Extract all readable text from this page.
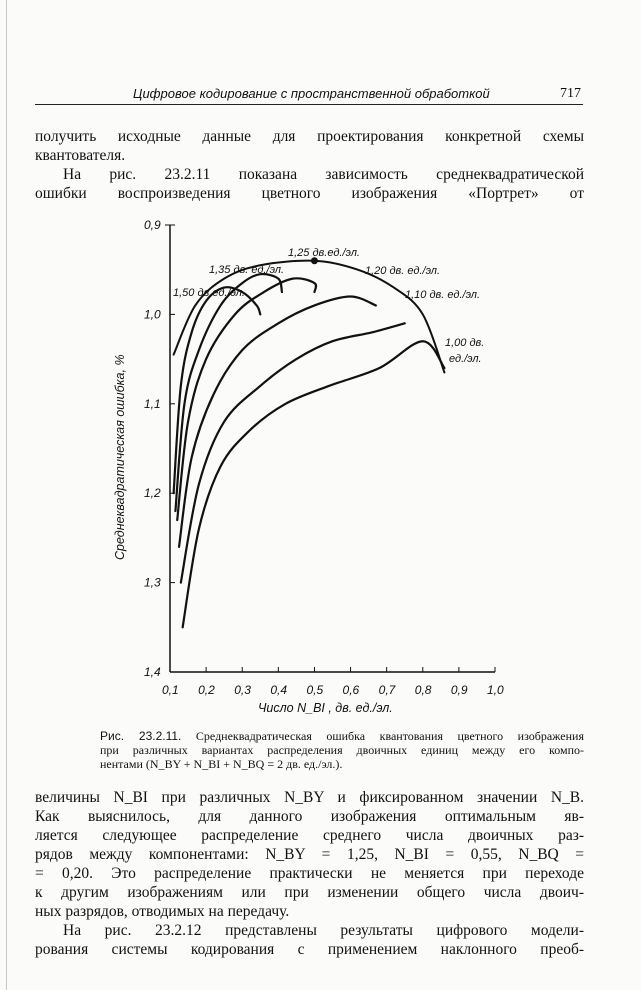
Цифровое кодирование с пространственной обработкой	717

получить исходные данные для проектирования конкретной схемы

квантователя.

На рис. 23.2.11 показана зависимость среднеквадратической

ошибки воспроизведения цветного изображения «Портрет» от

0,1 0,2 0,3 0,4 0,5 0,6 0,7 0,8 0,9 1,0
0,9
1,0
1,1
1,2
1,3
1,4
1,25 дв.ед./эл.
1,35 дв. ед./эл.	1,20 дв. ед./эл.
1,50 дв.ед./эл.	1,10 дв. ед./эл.
1,00 дв.
ед./эл.
Среднеквадратическая ошибка, %
Число N_BI , дв. ед./эл.
Рис. 23.2.11. Среднеквадратическая ошибка квантования цветного изображения
при различных вариантах распределения двоичных единиц между его компо-
нентами (N_BY + N_BI + N_BQ = 2 дв. ед./эл.).

величины N_BI при различных N_BY и фиксированном значении N_B.

Как выяснилось, для данного изображения оптимальным яв-

ляется следующее распределение среднего числа двоичных раз-

рядов между компонентами: N_BY = 1,25, N_BI = 0,55, N_BQ =

= 0,20. Это распределение практически не меняется при переходе

к другим изображениям или при изменении общего числа двоич-

ных разрядов, отводимых на передачу.

На рис. 23.2.12 представлены результаты цифрового модели-

рования системы кодирования с применением наклонного преоб-
